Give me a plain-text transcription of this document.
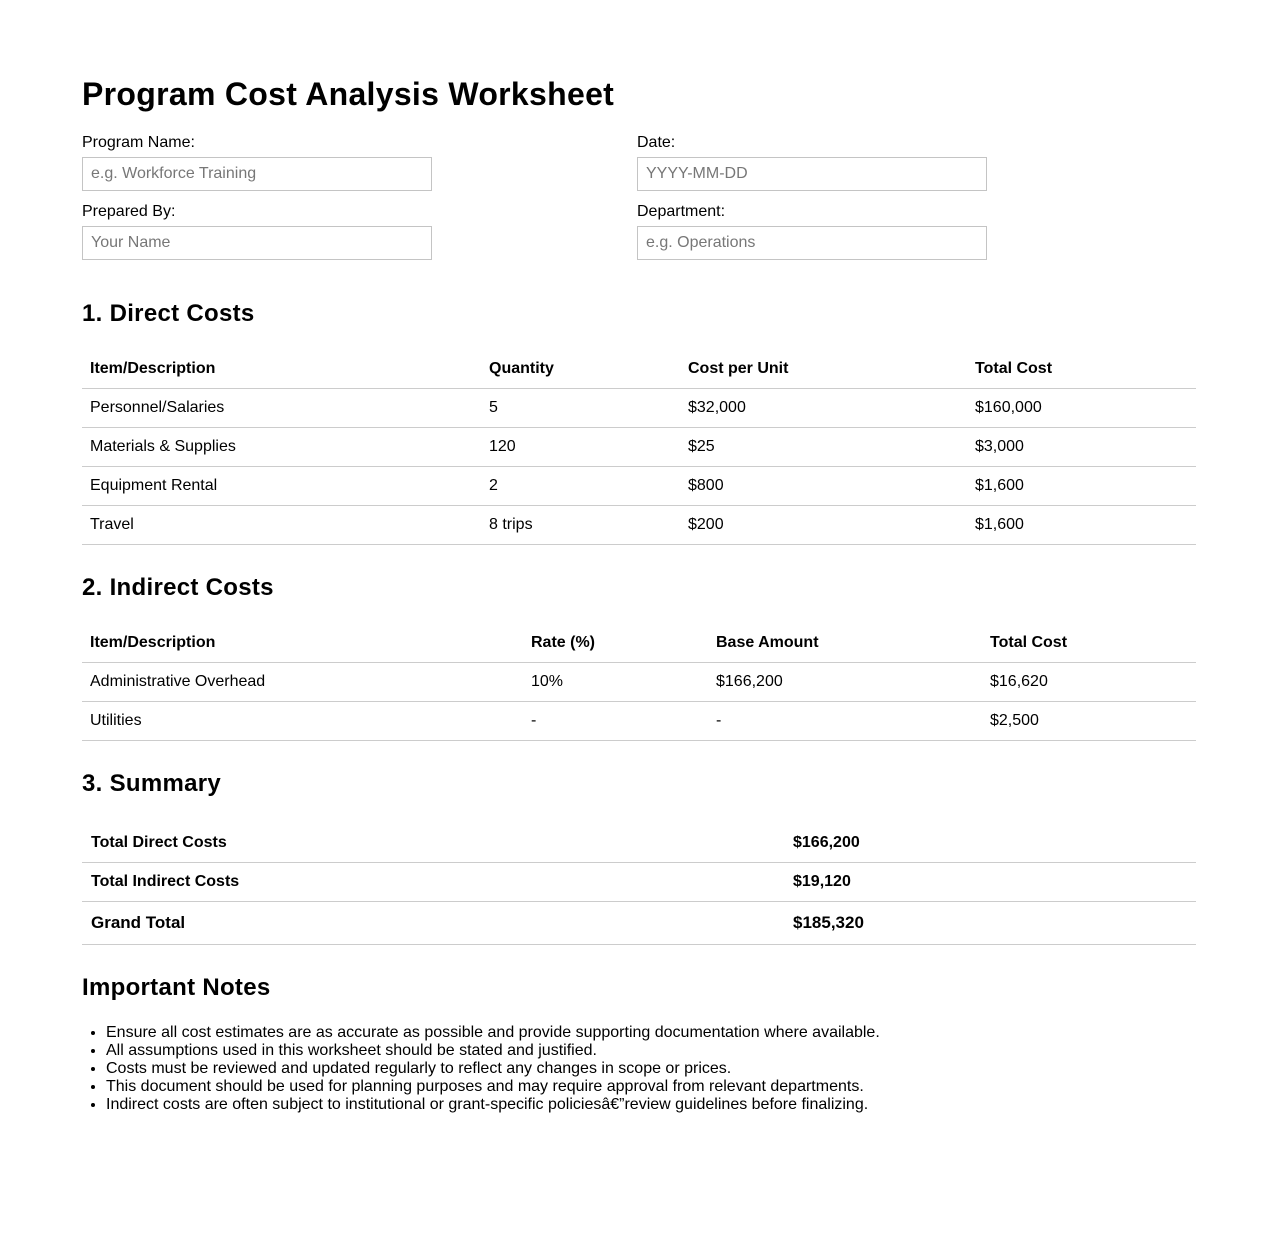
Program Cost Analysis Worksheet
Program Name:
e.g. Workforce Training	Date:
YYYY-MM-DD
Prepared By:
Your Name	Department:
e.g. Operations
1. Direct Costs
Item/Description	Quantity	Cost per Unit	Total Cost
Personnel/Salaries	5	$32,000	$160,000
Materials & Supplies	120	$25	$3,000
Equipment Rental	2	$800	$1,600
Travel	8 trips	$200	$1,600
2. Indirect Costs
Item/Description	Rate (%)	Base Amount	Total Cost
Administrative Overhead	10%	$166,200	$16,620
Utilities	-	-	$2,500
3. Summary
Total Direct Costs	$166,200
Total Indirect Costs	$19,120
Grand Total	$185,320
Important Notes
• Ensure all cost estimates are as accurate as possible and provide supporting documentation where available.
• All assumptions used in this worksheet should be stated and justified.
• Costs must be reviewed and updated regularly to reflect any changes in scope or prices.
• This document should be used for planning purposes and may require approval from relevant departments.
• Indirect costs are often subject to institutional or grant-specific policiesâ€”review guidelines before finalizing.
